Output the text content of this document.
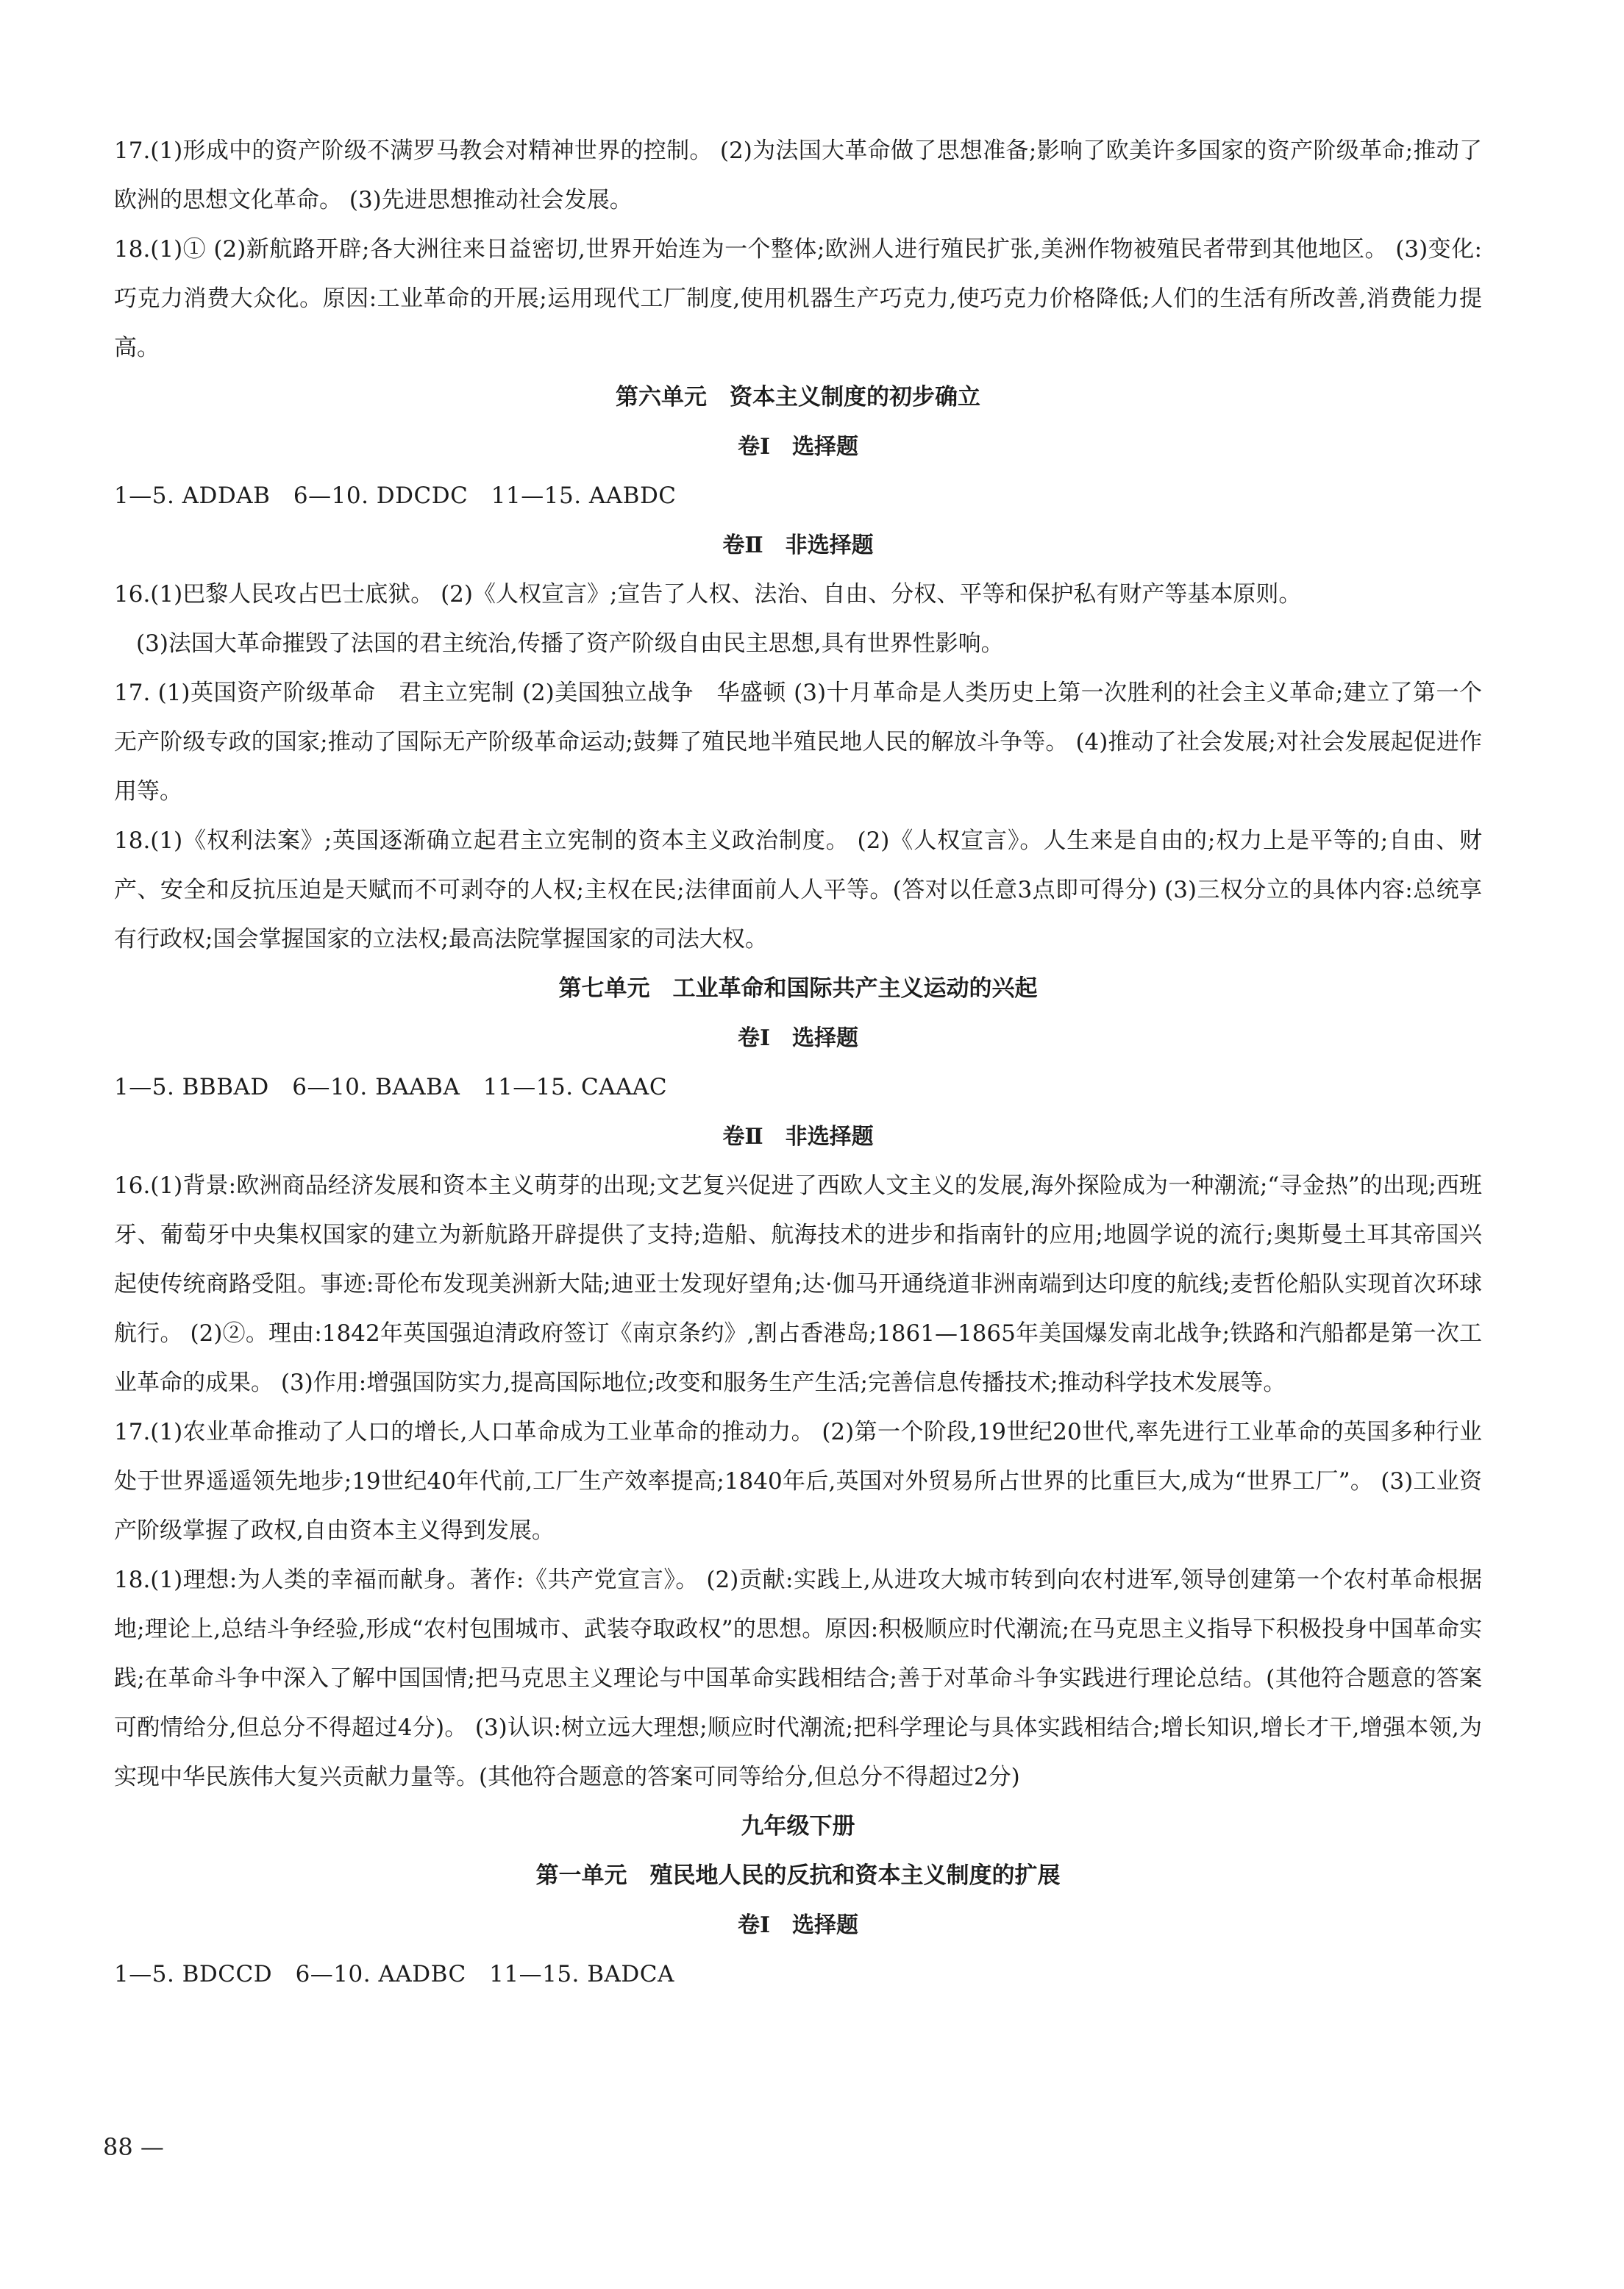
17.(1)形成中的资产阶级不满罗马教会对精神世界的控制。 (2)为法国大革命做了思想准备;影响了欧美许多国家的资产阶级革命;推动了欧洲的思想文化革命。 (3)先进思想推动社会发展。

18.(1)① (2)新航路开辟;各大洲往来日益密切,世界开始连为一个整体;欧洲人进行殖民扩张,美洲作物被殖民者带到其他地区。 (3)变化:巧克力消费大众化。原因:工业革命的开展;运用现代工厂制度,使用机器生产巧克力,使巧克力价格降低;人们的生活有所改善,消费能力提高。

第六单元　资本主义制度的初步确立

卷Ⅰ　选择题

1—5. ADDAB　6—10. DDCDC　11—15. AABDC

卷Ⅱ　非选择题

16.(1)巴黎人民攻占巴士底狱。 (2)《人权宣言》;宣告了人权、法治、自由、分权、平等和保护私有财产等基本原则。

(3)法国大革命摧毁了法国的君主统治,传播了资产阶级自由民主思想,具有世界性影响。

17. (1)英国资产阶级革命　君主立宪制 (2)美国独立战争　华盛顿 (3)十月革命是人类历史上第一次胜利的社会主义革命;建立了第一个无产阶级专政的国家;推动了国际无产阶级革命运动;鼓舞了殖民地半殖民地人民的解放斗争等。 (4)推动了社会发展;对社会发展起促进作用等。

18.(1)《权利法案》;英国逐渐确立起君主立宪制的资本主义政治制度。 (2)《人权宣言》。人生来是自由的;权力上是平等的;自由、财产、安全和反抗压迫是天赋而不可剥夺的人权;主权在民;法律面前人人平等。(答对以任意3点即可得分) (3)三权分立的具体内容:总统享有行政权;国会掌握国家的立法权;最高法院掌握国家的司法大权。

第七单元　工业革命和国际共产主义运动的兴起

卷Ⅰ　选择题

1—5. BBBAD　6—10. BAABA　11—15. CAAAC

卷Ⅱ　非选择题

16.(1)背景:欧洲商品经济发展和资本主义萌芽的出现;文艺复兴促进了西欧人文主义的发展,海外探险成为一种潮流;“寻金热”的出现;西班牙、葡萄牙中央集权国家的建立为新航路开辟提供了支持;造船、航海技术的进步和指南针的应用;地圆学说的流行;奥斯曼土耳其帝国兴起使传统商路受阻。事迹:哥伦布发现美洲新大陆;迪亚士发现好望角;达·伽马开通绕道非洲南端到达印度的航线;麦哲伦船队实现首次环球航行。 (2)②。理由:1842年英国强迫清政府签订《南京条约》,割占香港岛;1861—1865年美国爆发南北战争;铁路和汽船都是第一次工业革命的成果。 (3)作用:增强国防实力,提高国际地位;改变和服务生产生活;完善信息传播技术;推动科学技术发展等。

17.(1)农业革命推动了人口的增长,人口革命成为工业革命的推动力。 (2)第一个阶段,19世纪20世代,率先进行工业革命的英国多种行业处于世界遥遥领先地步;19世纪40年代前,工厂生产效率提高;1840年后,英国对外贸易所占世界的比重巨大,成为“世界工厂”。 (3)工业资产阶级掌握了政权,自由资本主义得到发展。

18.(1)理想:为人类的幸福而献身。著作:《共产党宣言》。 (2)贡献:实践上,从进攻大城市转到向农村进军,领导创建第一个农村革命根据地;理论上,总结斗争经验,形成“农村包围城市、武装夺取政权”的思想。原因:积极顺应时代潮流;在马克思主义指导下积极投身中国革命实践;在革命斗争中深入了解中国国情;把马克思主义理论与中国革命实践相结合;善于对革命斗争实践进行理论总结。(其他符合题意的答案可酌情给分,但总分不得超过4分)。 (3)认识:树立远大理想;顺应时代潮流;把科学理论与具体实践相结合;增长知识,增长才干,增强本领,为实现中华民族伟大复兴贡献力量等。(其他符合题意的答案可同等给分,但总分不得超过2分)

九年级下册

第一单元　殖民地人民的反抗和资本主义制度的扩展

卷Ⅰ　选择题

1—5. BDCCD　6—10. AADBC　11—15. BADCA

88 —
